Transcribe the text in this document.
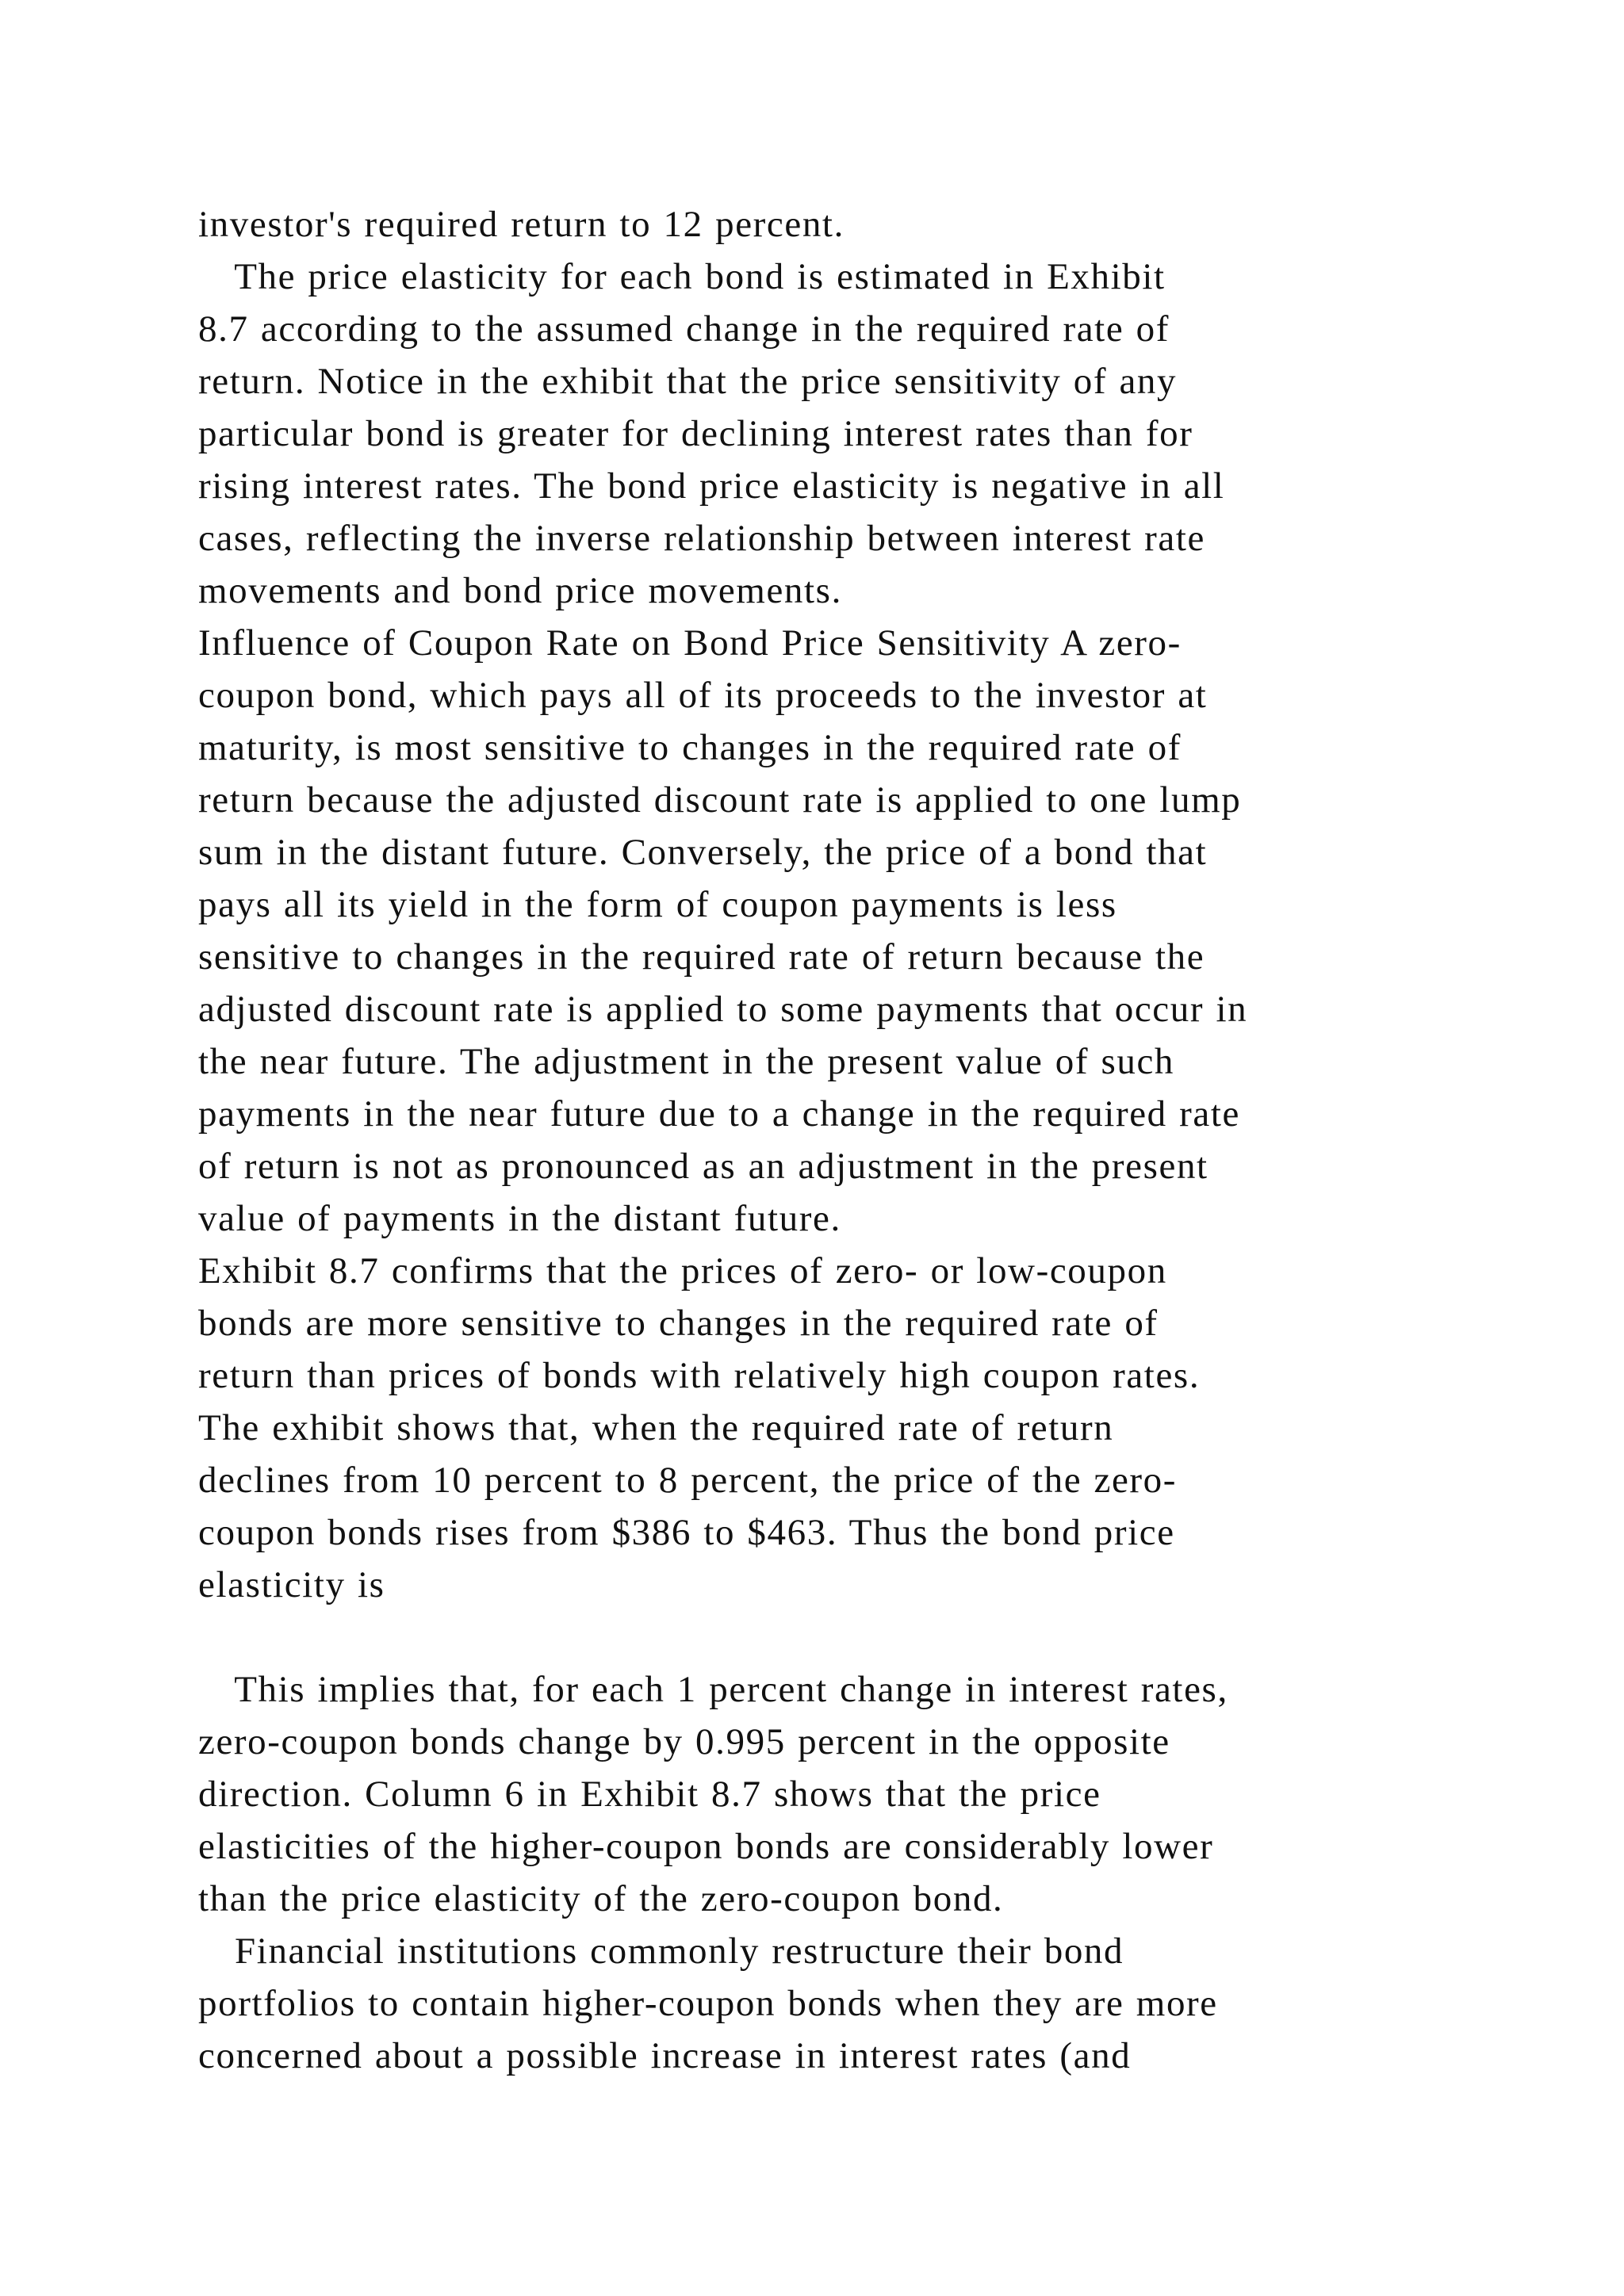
investor's required return to 12 percent.
The price elasticity for each bond is estimated in Exhibit
8.7 according to the assumed change in the required rate of
return. Notice in the exhibit that the price sensitivity of any
particular bond is greater for declining interest rates than for
rising interest rates. The bond price elasticity is negative in all
cases, reflecting the inverse relationship between interest rate
movements and bond price movements.
Influence of Coupon Rate on Bond Price Sensitivity A zero-
coupon bond, which pays all of its proceeds to the investor at
maturity, is most sensitive to changes in the required rate of
return because the adjusted discount rate is applied to one lump
sum in the distant future. Conversely, the price of a bond that
pays all its yield in the form of coupon payments is less
sensitive to changes in the required rate of return because the
adjusted discount rate is applied to some payments that occur in
the near future. The adjustment in the present value of such
payments in the near future due to a change in the required rate
of return is not as pronounced as an adjustment in the present
value of payments in the distant future.
Exhibit 8.7 confirms that the prices of zero- or low-coupon
bonds are more sensitive to changes in the required rate of
return than prices of bonds with relatively high coupon rates.
The exhibit shows that, when the required rate of return
declines from 10 percent to 8 percent, the price of the zero-
coupon bonds rises from $386 to $463. Thus the bond price
elasticity is
This implies that, for each 1 percent change in interest rates,
zero-coupon bonds change by 0.995 percent in the opposite
direction. Column 6 in Exhibit 8.7 shows that the price
elasticities of the higher-coupon bonds are considerably lower
than the price elasticity of the zero-coupon bond.
Financial institutions commonly restructure their bond
portfolios to contain higher-coupon bonds when they are more
concerned about a possible increase in interest rates (and
